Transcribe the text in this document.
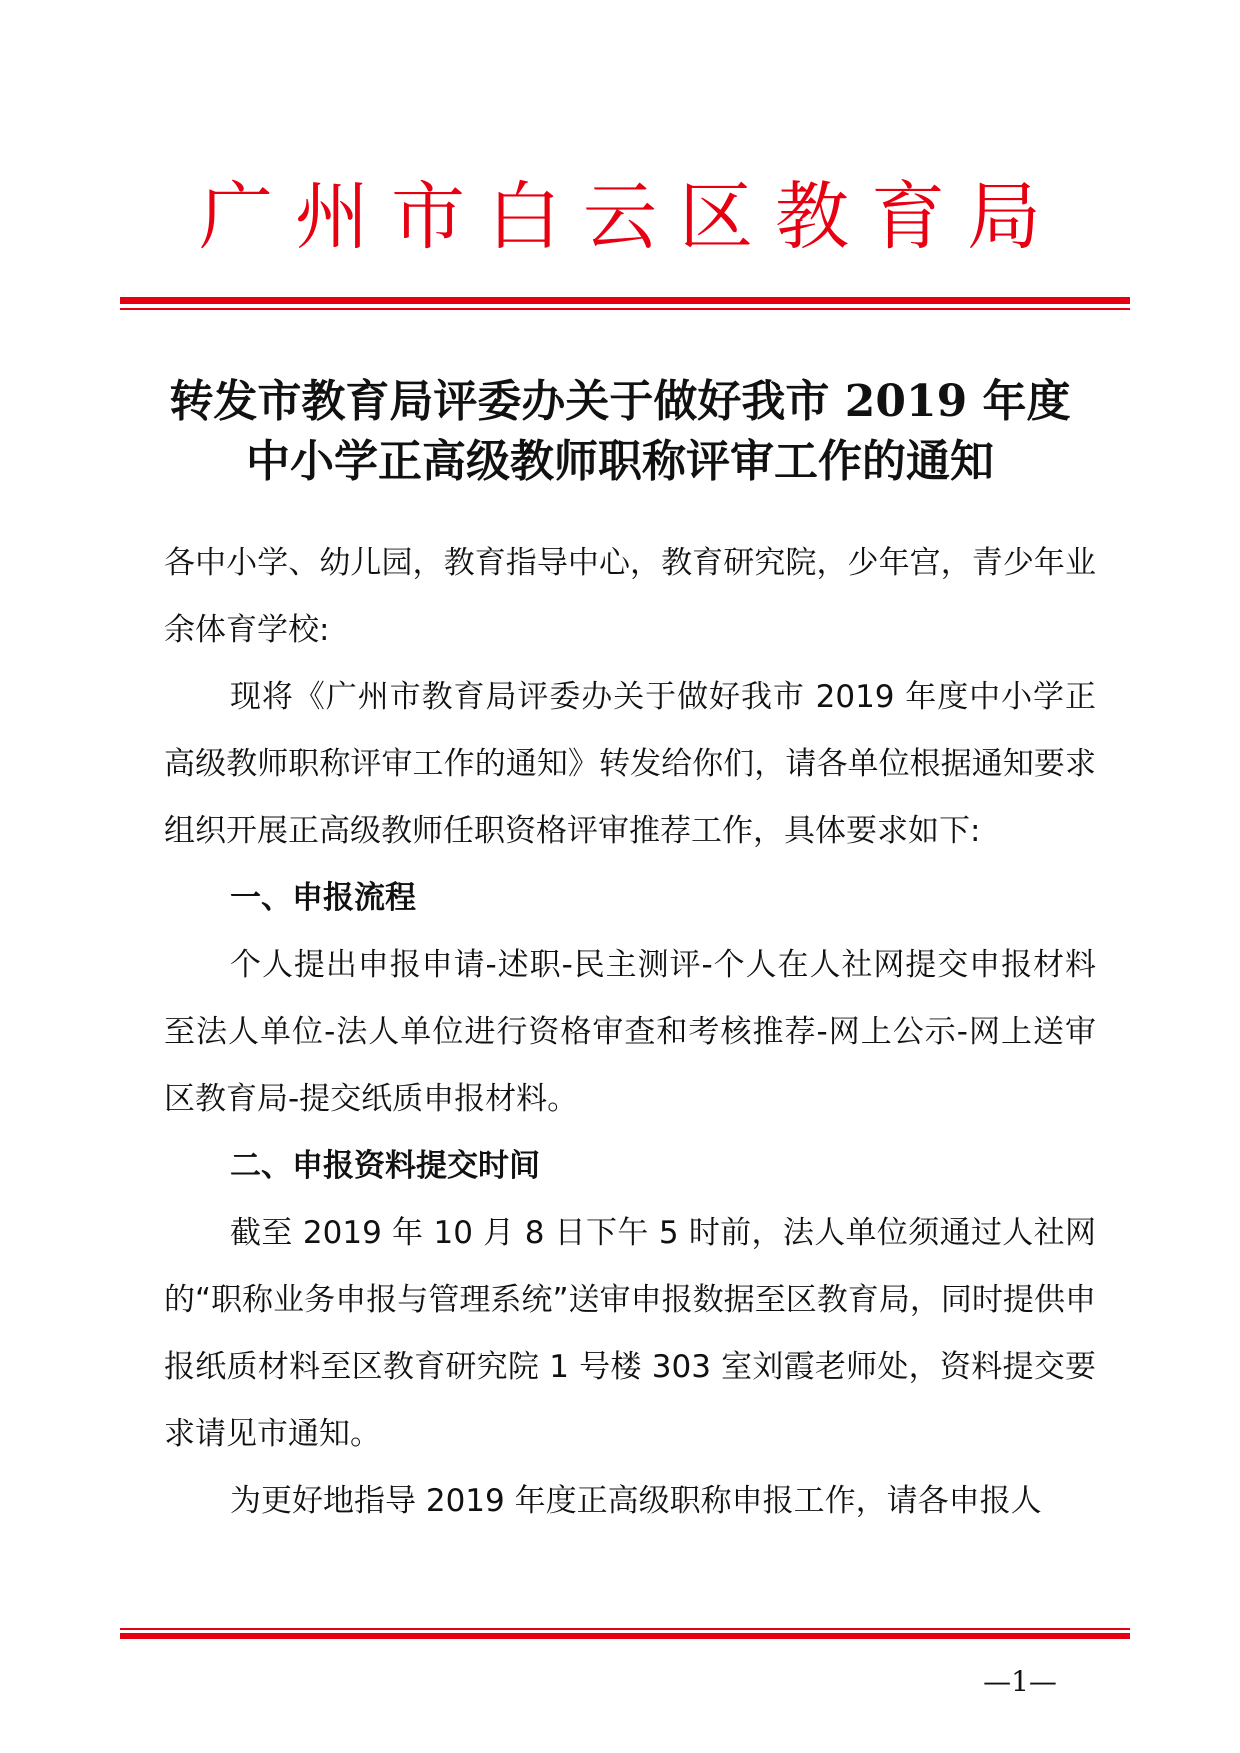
广州市白云区教育局
转发市教育局评委办关于做好我市 2019 年度
中小学正高级教师职称评审工作的通知

各中小学、幼儿园，教育指导中心，教育研究院，少年宫，青少年业余体育学校:

现将《广州市教育局评委办关于做好我市 2019 年度中小学正高级教师职称评审工作的通知》转发给你们，请各单位根据通知要求组织开展正高级教师任职资格评审推荐工作，具体要求如下:

一、申报流程

个人提出申报申请-述职-民主测评-个人在人社网提交申报材料至法人单位-法人单位进行资格审查和考核推荐-网上公示-网上送审区教育局-提交纸质申报材料。

二、申报资料提交时间

截至 2019 年 10 月 8 日下午 5 时前，法人单位须通过人社网的“职称业务申报与管理系统”送审申报数据至区教育局，同时提供申报纸质材料至区教育研究院 1 号楼 303 室刘霞老师处，资料提交要求请见市通知。

为更好地指导 2019 年度正高级职称申报工作，请各申报人

—1—
